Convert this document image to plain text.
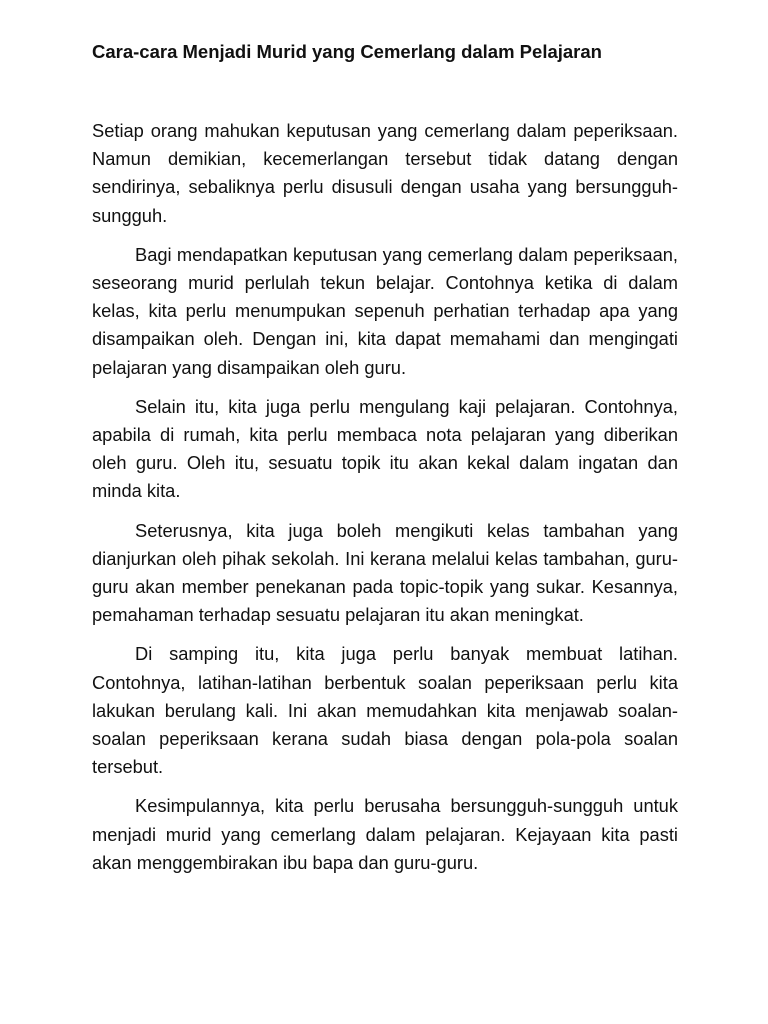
Cara-cara Menjadi Murid yang Cemerlang dalam Pelajaran

Setiap orang mahukan keputusan yang cemerlang dalam peperiksaan. Namun demikian, kecemerlangan tersebut tidak datang dengan sendirinya, sebaliknya perlu disusuli dengan usaha yang bersungguh-sungguh.

Bagi mendapatkan keputusan yang cemerlang dalam peperiksaan, seseorang murid perlulah tekun belajar. Contohnya ketika di dalam kelas, kita perlu menumpukan sepenuh perhatian terhadap apa yang disampaikan oleh. Dengan ini, kita dapat memahami dan mengingati pelajaran yang disampaikan oleh guru.

Selain itu, kita juga perlu mengulang kaji pelajaran. Contohnya, apabila di rumah, kita perlu membaca nota pelajaran yang diberikan oleh guru. Oleh itu, sesuatu topik itu akan kekal dalam ingatan dan minda kita.

Seterusnya, kita juga boleh mengikuti kelas tambahan yang dianjurkan oleh pihak sekolah. Ini kerana melalui kelas tambahan, guru-guru akan member penekanan pada topic-topik yang sukar. Kesannya, pemahaman terhadap sesuatu pelajaran itu akan meningkat.

Di samping itu, kita juga perlu banyak membuat latihan. Contohnya, latihan-latihan berbentuk soalan peperiksaan perlu kita lakukan berulang kali. Ini akan memudahkan kita menjawab soalan-soalan peperiksaan kerana sudah biasa dengan pola-pola soalan tersebut.

Kesimpulannya, kita perlu berusaha bersungguh-sungguh untuk menjadi murid yang cemerlang dalam pelajaran. Kejayaan kita pasti akan menggembirakan ibu bapa dan guru-guru.
